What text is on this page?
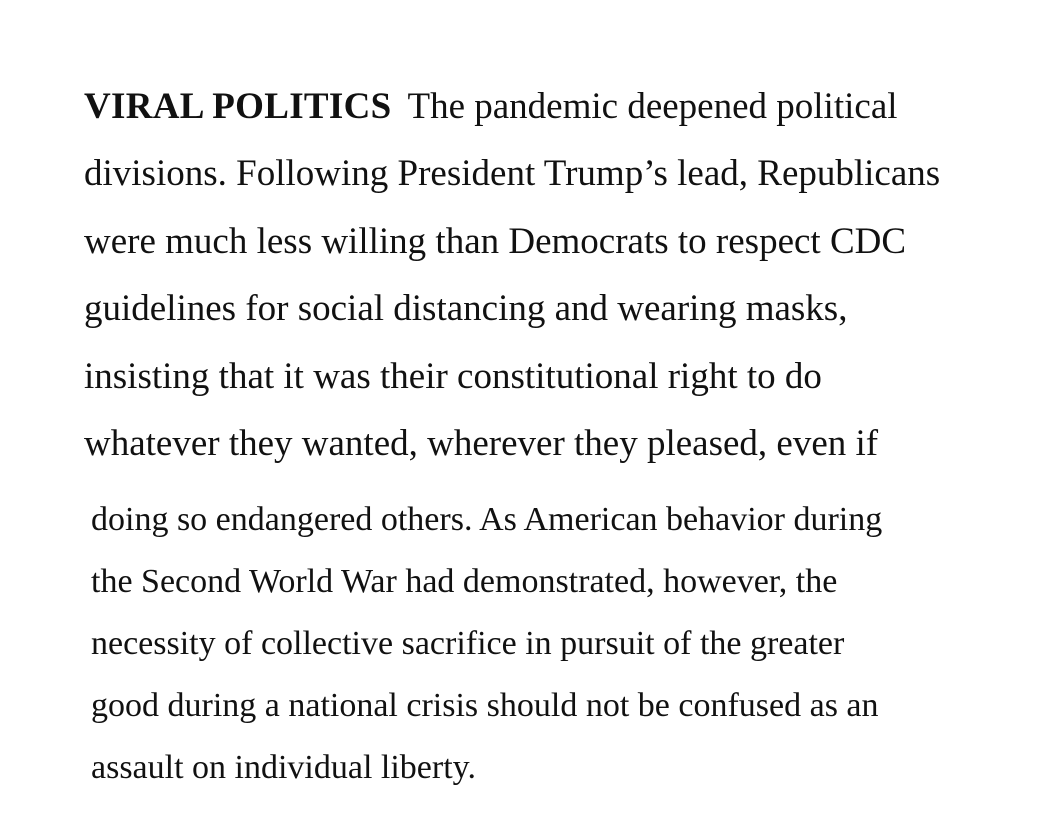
VIRAL POLITICS The pandemic deepened political
divisions. Following President Trump’s lead, Republicans
were much less willing than Democrats to respect CDC
guidelines for social distancing and wearing masks,
insisting that it was their constitutional right to do
whatever they wanted, wherever they pleased, even if
doing so endangered others. As American behavior during
the Second World War had demonstrated, however, the
necessity of collective sacrifice in pursuit of the greater
good during a national crisis should not be confused as an
assault on individual liberty.
